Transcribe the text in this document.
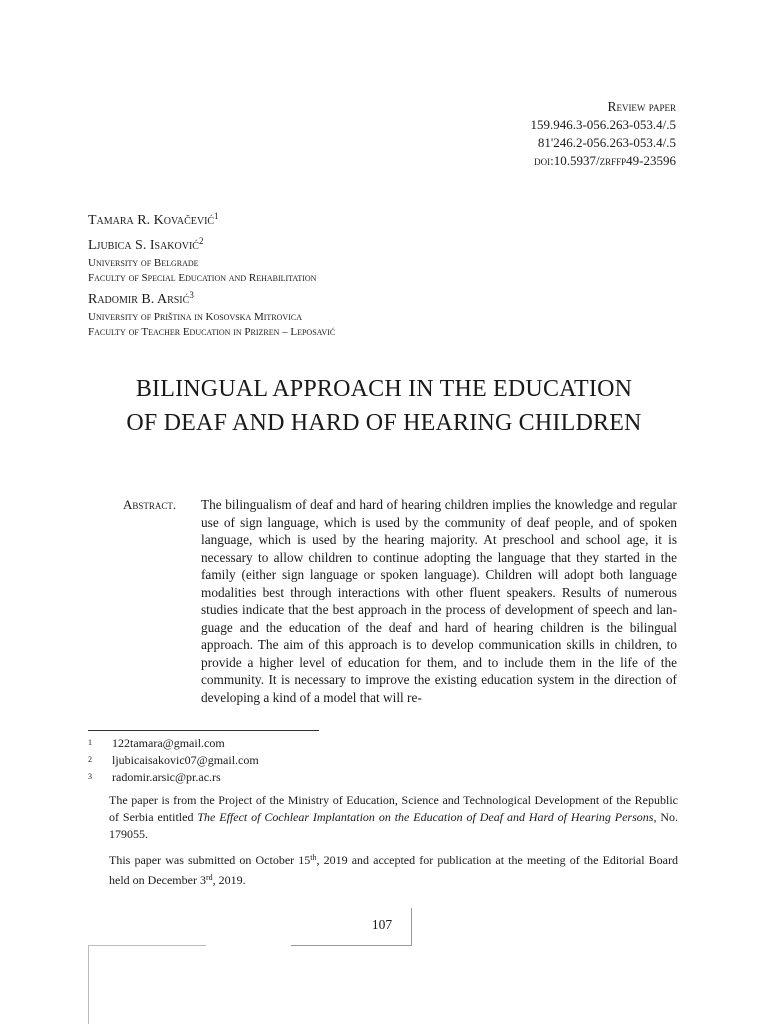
Review paper
159.946.3-056.263-053.4/.5
81'246.2-056.263-053.4/.5
doi:10.5937/zrffp49-23596
Tamara R. Kovačević$^1$
Ljubica S. Isaković$^2$
University of Belgrade
Faculty of Special Education and Rehabilitation
Radomir B. Arsić$^3$
University of Priština in Kosovska Mitrovica
Faculty of Teacher Education in Prizren – Leposavić
BILINGUAL APPROACH IN THE EDUCATION
OF DEAF AND HARD OF HEARING CHILDREN
Abstract. The bilingualism of deaf and hard of hearing children implies the knowledge and regular use of sign language, which is used by the community of deaf people, and of spoken language, which is used by the hearing majority. At preschool and school age, it is necessary to allow children to continue adopting the language that they started in the family (either sign language or spoken language). Children will adopt both language modalities best through interactions with other fluent speakers. Results of numerous studies indicate that the best approach in the process of development of speech and language and the education of the deaf and hard of hearing children is the bilingual approach. The aim of this approach is to develop communication skills in children, to provide a higher level of education for them, and to include them in the life of the community. It is necessary to improve the existing education system in the direction of developing a kind of a model that will re-
1 122tamara@gmail.com
2 ljubicaisakovic07@gmail.com
3 radomir.arsic@pr.ac.rs
The paper is from the Project of the Ministry of Education, Science and Technological Development of the Republic of Serbia entitled The Effect of Cochlear Implantation on the Education of Deaf and Hard of Hearing Persons, No. 179055.
This paper was submitted on October 15th, 2019 and accepted for publication at the meeting of the Editorial Board held on December 3rd, 2019.
107
